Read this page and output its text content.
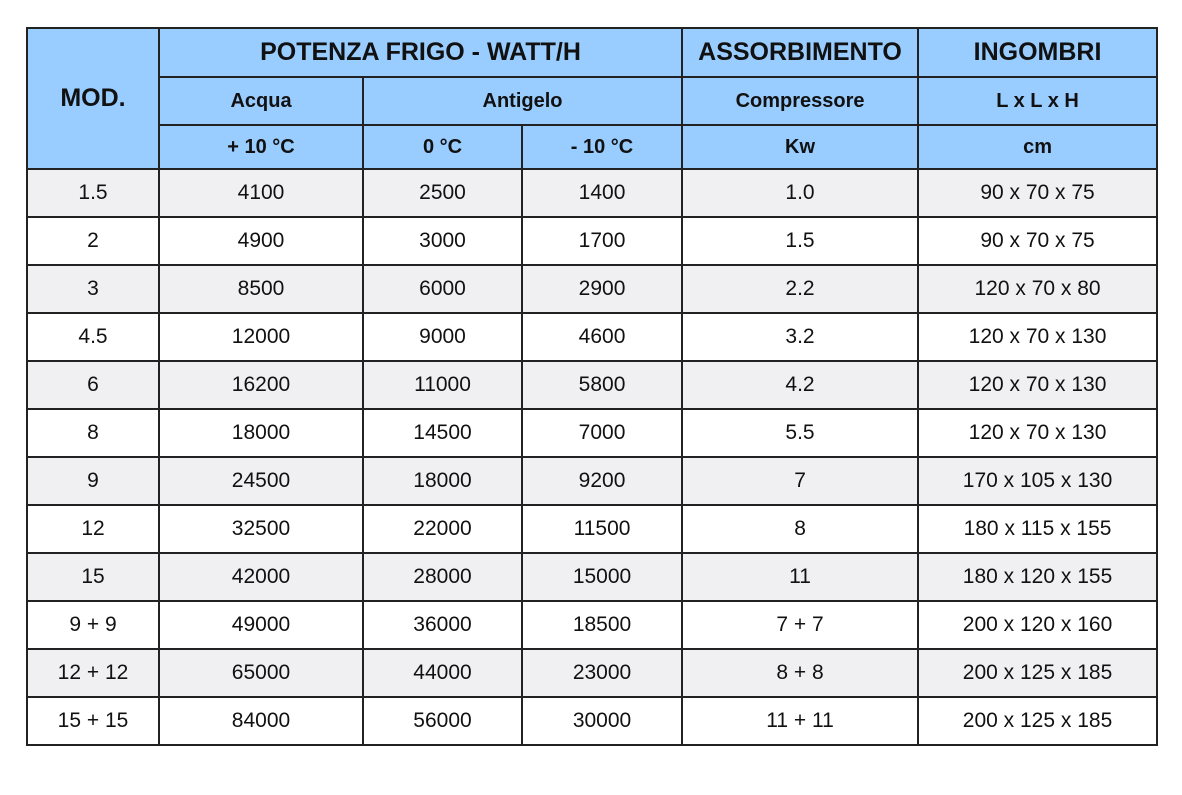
MOD.	POTENZA FRIGO - WATT/H			ASSORBIMENTO	INGOMBRI
	Acqua	Antigelo		Compressore	L x L x H
	+ 10 °C	0 °C	- 10 °C	Kw	cm
1.5	4100	2500	1400	1.0	90 x 70 x 75
2	4900	3000	1700	1.5	90 x 70 x 75
3	8500	6000	2900	2.2	120 x 70 x 80
4.5	12000	9000	4600	3.2	120 x 70 x 130
6	16200	11000	5800	4.2	120 x 70 x 130
8	18000	14500	7000	5.5	120 x 70 x 130
9	24500	18000	9200	7	170 x 105 x 130
12	32500	22000	11500	8	180 x 115 x 155
15	42000	28000	15000	11	180 x 120 x 155
9 + 9	49000	36000	18500	7 + 7	200 x 120 x 160
12 + 12	65000	44000	23000	8 + 8	200 x 125 x 185
15 + 15	84000	56000	30000	11 + 11	200 x 125 x 185
